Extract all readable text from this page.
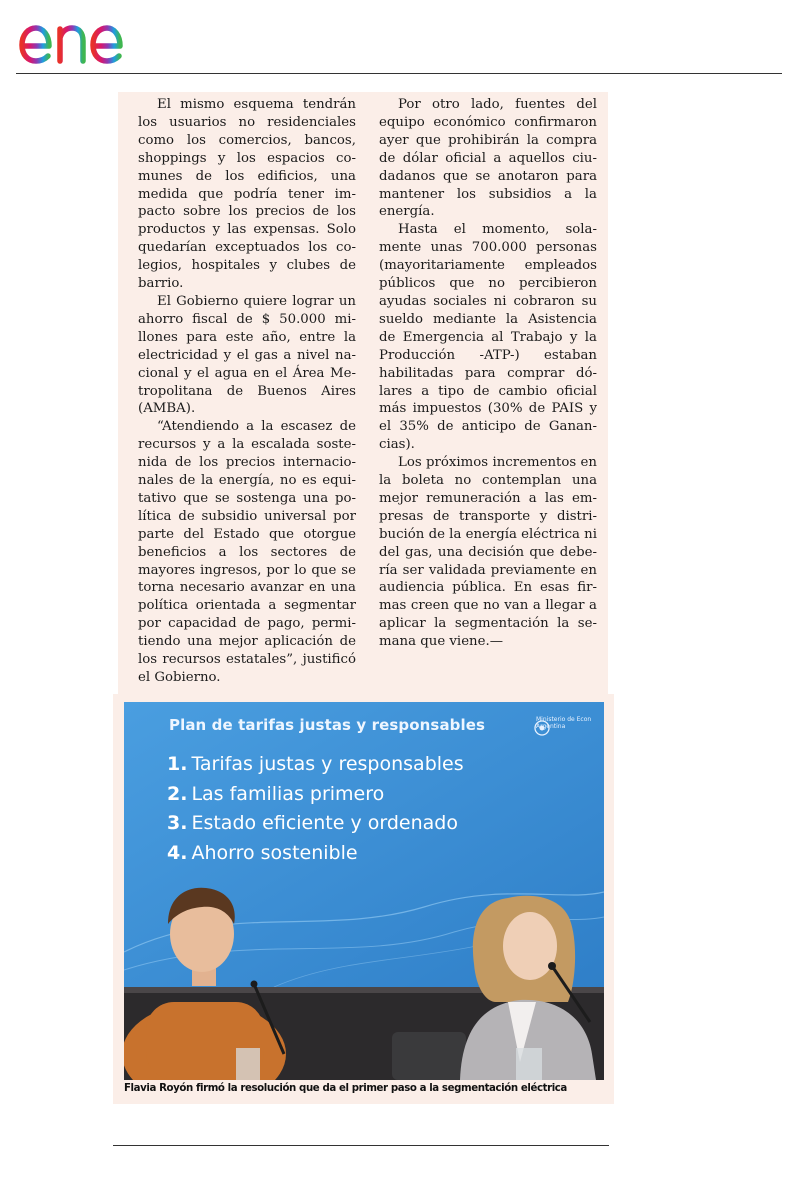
El mismo esquema tendrán los usuarios no residenciales como los comercios, bancos, shoppings y los espacios comunes de los edificios, una medida que podría tener impacto sobre los precios de los productos y las expensas. Solo quedarían exceptuados los colegios, hospitales y clubes de barrio.

El Gobierno quiere lograr un ahorro fiscal de $ 50.000 millones para este año, entre la electricidad y el gas a nivel nacional y el agua en el Área Metropolitana de Buenos Aires (AMBA).

“Atendiendo a la escasez de recursos y a la escalada sostenida de los precios internacionales de la energía, no es equitativo que se sostenga una política de subsidio universal por parte del Estado que otorgue beneficios a los sectores de mayores ingresos, por lo que se torna necesario avanzar en una política orientada a segmentar por capacidad de pago, permitiendo una mejor aplicación de los recursos estatales”, justificó el Gobierno.

Por otro lado, fuentes del equipo económico confirmaron ayer que prohibirán la compra de dólar oficial a aquellos ciudadanos que se anotaron para mantener los subsidios a la energía.

Hasta el momento, solamente unas 700.000 personas (mayoritariamente empleados públicos que no percibieron ayudas sociales ni cobraron su sueldo mediante la Asistencia de Emergencia al Trabajo y la Producción -ATP-) estaban habilitadas para comprar dólares a tipo de cambio oficial más impuestos (30% de PAIS y el 35% de anticipo de Ganancias).

Los próximos incrementos en la boleta no contemplan una mejor remuneración a las empresas de transporte y distribución de la energía eléctrica ni del gas, una decisión que debería ser validada previamente en audiencia pública. En esas firmas creen que no van a llegar a aplicar la segmentación la semana que viene.—

Plan de tarifas justas y responsables
1. Tarifas justas y responsables
2. Las familias primero
3. Estado eficiente y ordenado
4. Ahorro sostenible
Ministerio de Econ
Argentina
Flavia Royón firmó la resolución que da el primer paso a la segmentación eléctrica
